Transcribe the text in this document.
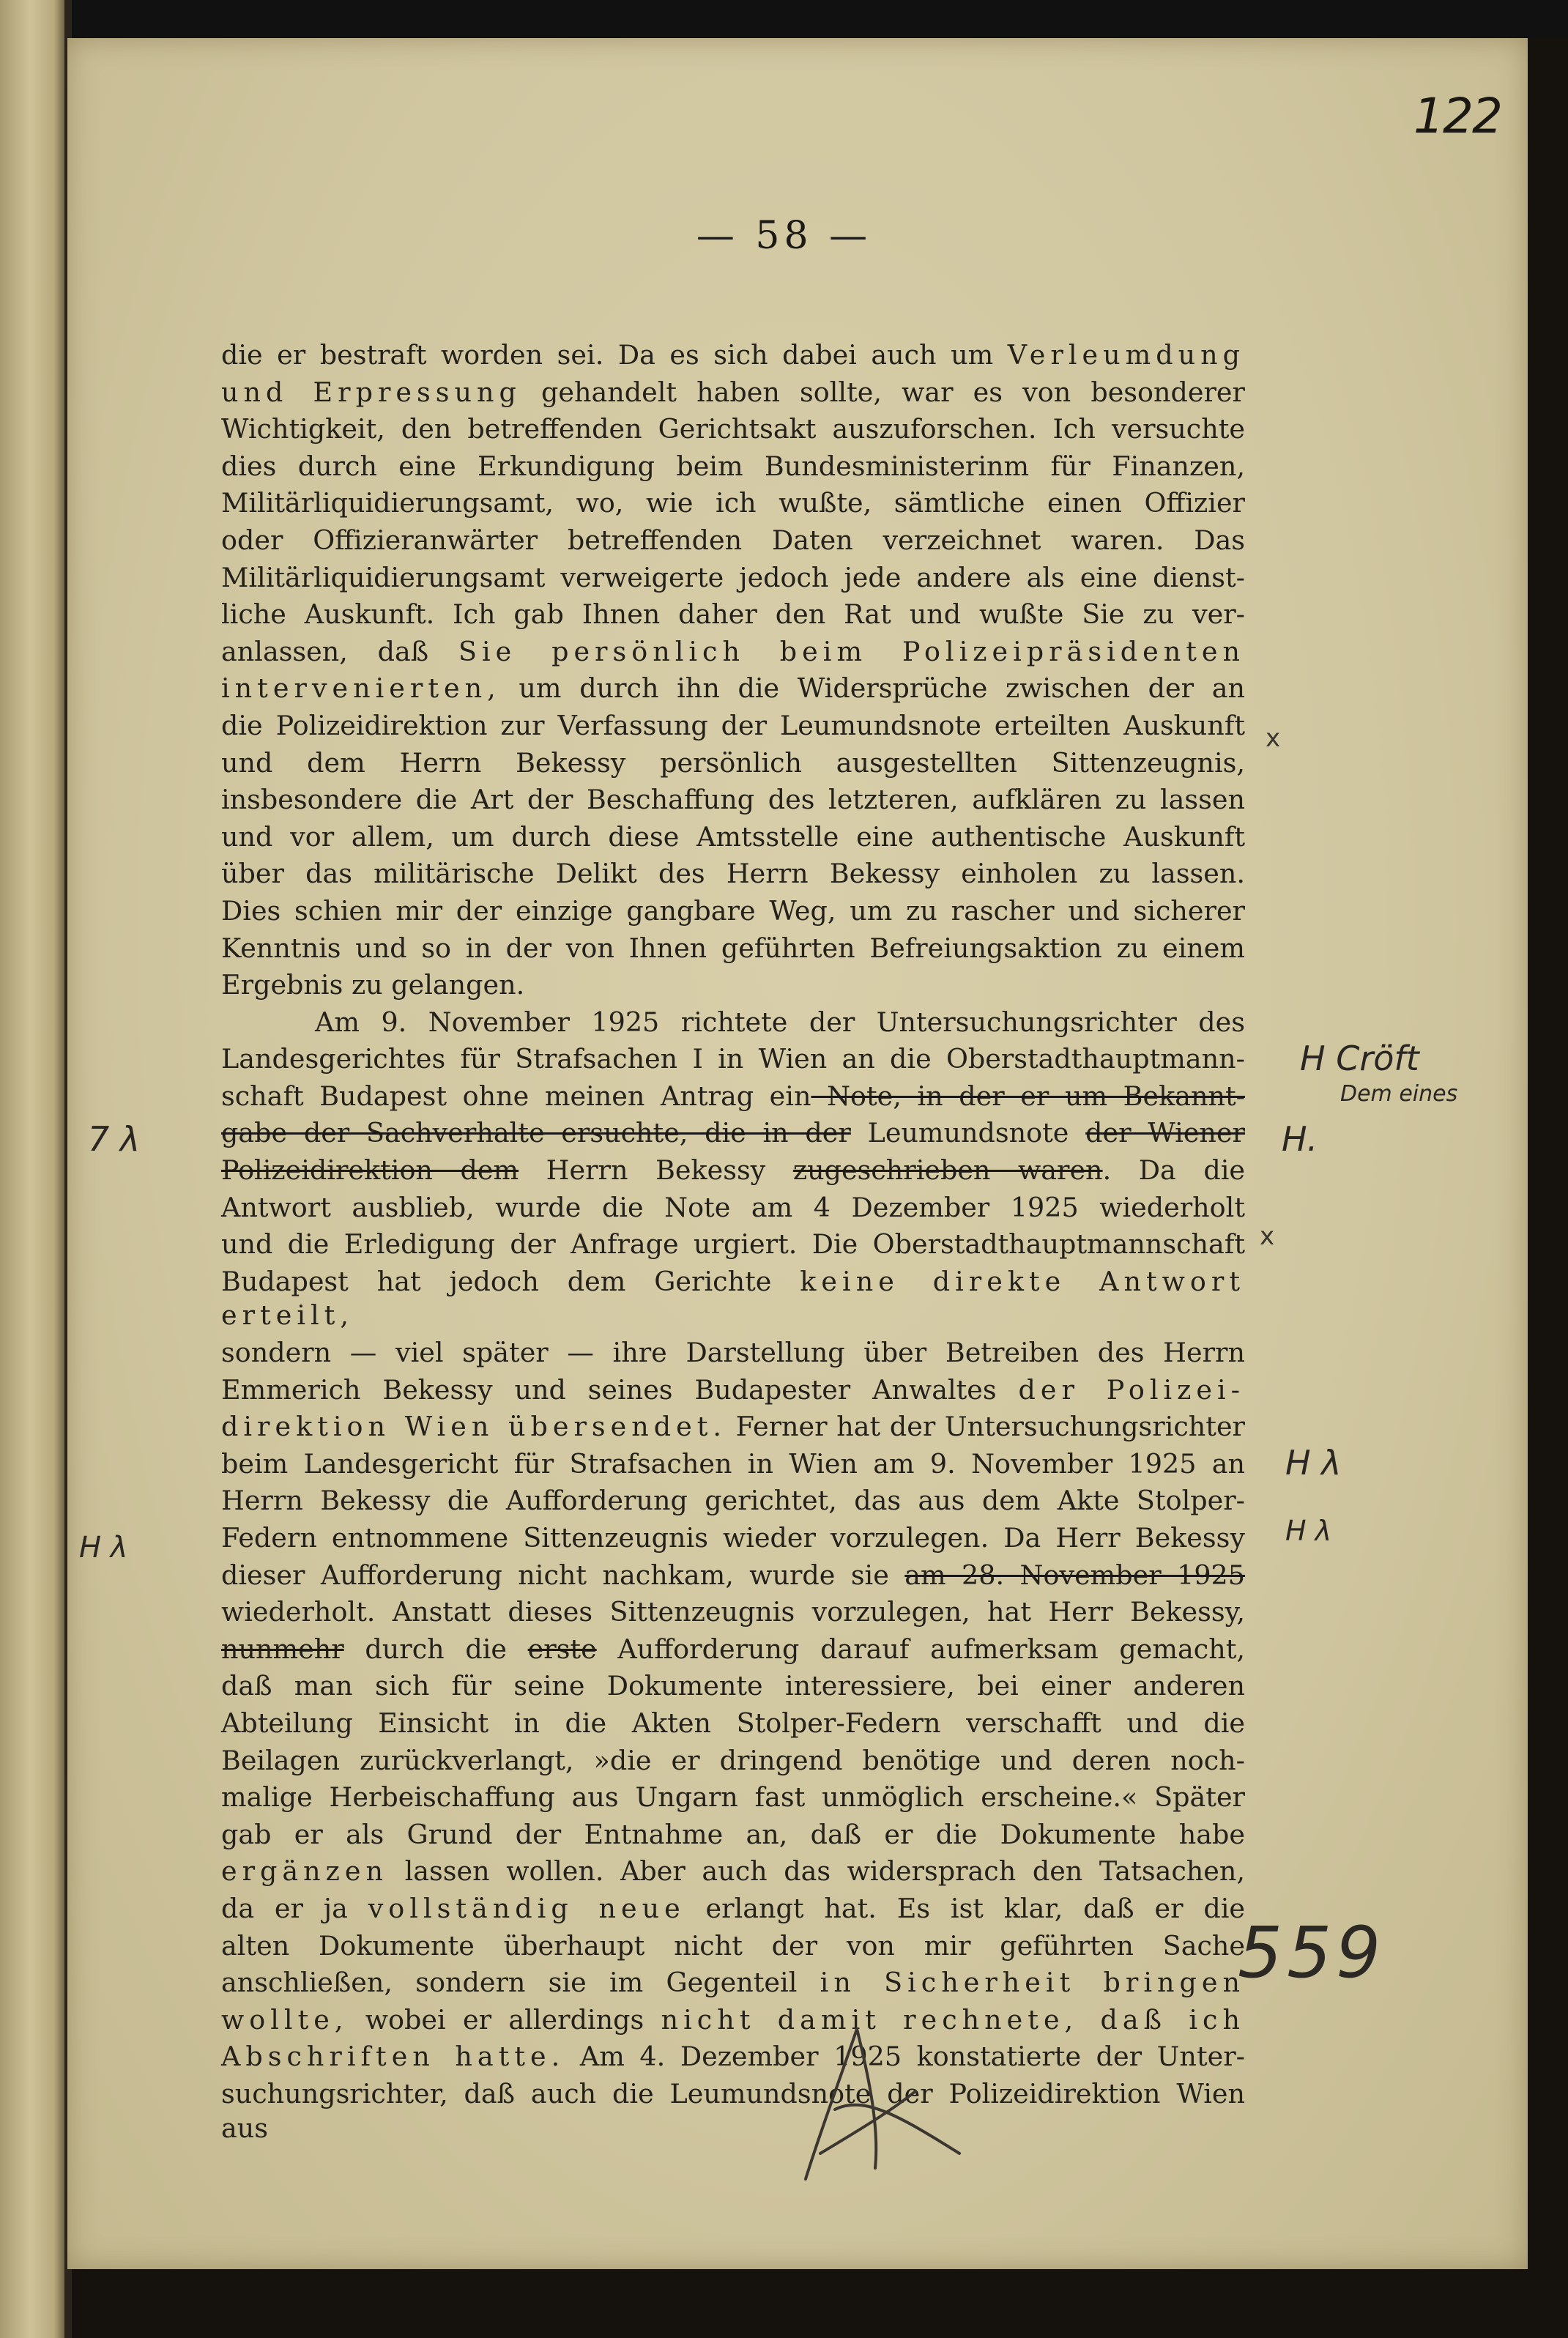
122
— 58 —

die er bestraft worden sei. Da es sich dabei auch um Verleumdung

und Erpressung gehandelt haben sollte, war es von besonderer

Wichtigkeit, den betreffenden Gerichtsakt auszuforschen. Ich versuchte

dies durch eine Erkundigung beim Bundesministerinm für Finanzen,

Militärliquidierungsamt, wo, wie ich wußte, sämtliche einen Offizier

oder Offizieranwärter betreffenden Daten verzeichnet waren. Das

Militärliquidierungsamt verweigerte jedoch jede andere als eine dienst-

liche Auskunft. Ich gab Ihnen daher den Rat und wußte Sie zu ver-

anlassen, daß Sie persönlich beim Polizeipräsidenten

intervenierten, um durch ihn die Widersprüche zwischen der an

die Polizeidirektion zur Verfassung der Leumundsnote erteilten Auskunft

und dem Herrn Bekessy persönlich ausgestellten Sittenzeugnis,

insbesondere die Art der Beschaffung des letzteren, aufklären zu lassen

und vor allem, um durch diese Amtsstelle eine authentische Auskunft

über das militärische Delikt des Herrn Bekessy einholen zu lassen.

Dies schien mir der einzige gangbare Weg, um zu rascher und sicherer

Kenntnis und so in der von Ihnen geführten Befreiungsaktion zu einem

Ergebnis zu gelangen.

Am 9. November 1925 richtete der Untersuchungsrichter des

Landesgerichtes für Strafsachen I in Wien an die Oberstadthauptmann-

schaft Budapest ohne meinen Antrag ein Note, in der er um Bekannt-

gabe der Sachverhalte ersuchte, die in der Leumundsnote der Wiener

Polizeidirektion dem Herrn Bekessy zugeschrieben waren. Da die

Antwort ausblieb, wurde die Note am 4 Dezember 1925 wiederholt

und die Erledigung der Anfrage urgiert. Die Oberstadthauptmannschaft

Budapest hat jedoch dem Gerichte keine direkte Antwort erteilt,

sondern — viel später — ihre Darstellung über Betreiben des Herrn

Emmerich Bekessy und seines Budapester Anwaltes der Polizei-

direktion Wien übersendet. Ferner hat der Untersuchungsrichter

beim Landesgericht für Strafsachen in Wien am 9. November 1925 an

Herrn Bekessy die Aufforderung gerichtet, das aus dem Akte Stolper-

Federn entnommene Sittenzeugnis wieder vorzulegen. Da Herr Bekessy

dieser Aufforderung nicht nachkam, wurde sie am 28. November 1925

wiederholt. Anstatt dieses Sittenzeugnis vorzulegen, hat Herr Bekessy,

nunmehr durch die erste Aufforderung darauf aufmerksam gemacht,

daß man sich für seine Dokumente interessiere, bei einer anderen

Abteilung Einsicht in die Akten Stolper-Federn verschafft und die

Beilagen zurückverlangt, »die er dringend benötige und deren noch-

malige Herbeischaffung aus Ungarn fast unmöglich erscheine.« Später

gab er als Grund der Entnahme an, daß er die Dokumente habe

ergänzen lassen wollen. Aber auch das widersprach den Tatsachen,

da er ja vollständig neue erlangt hat. Es ist klar, daß er die

alten Dokumente überhaupt nicht der von mir geführten Sache

anschließen, sondern sie im Gegenteil in Sicherheit bringen

wollte, wobei er allerdings nicht damit rechnete, daß ich

Abschriften hatte. Am 4. Dezember 1925 konstatierte der Unter-

suchungsrichter, daß auch die Leumundsnote der Polizeidirektion Wien aus

H Cröft
Dem eines
H.
H λ
H λ
7 λ
H λ
x
x
559
